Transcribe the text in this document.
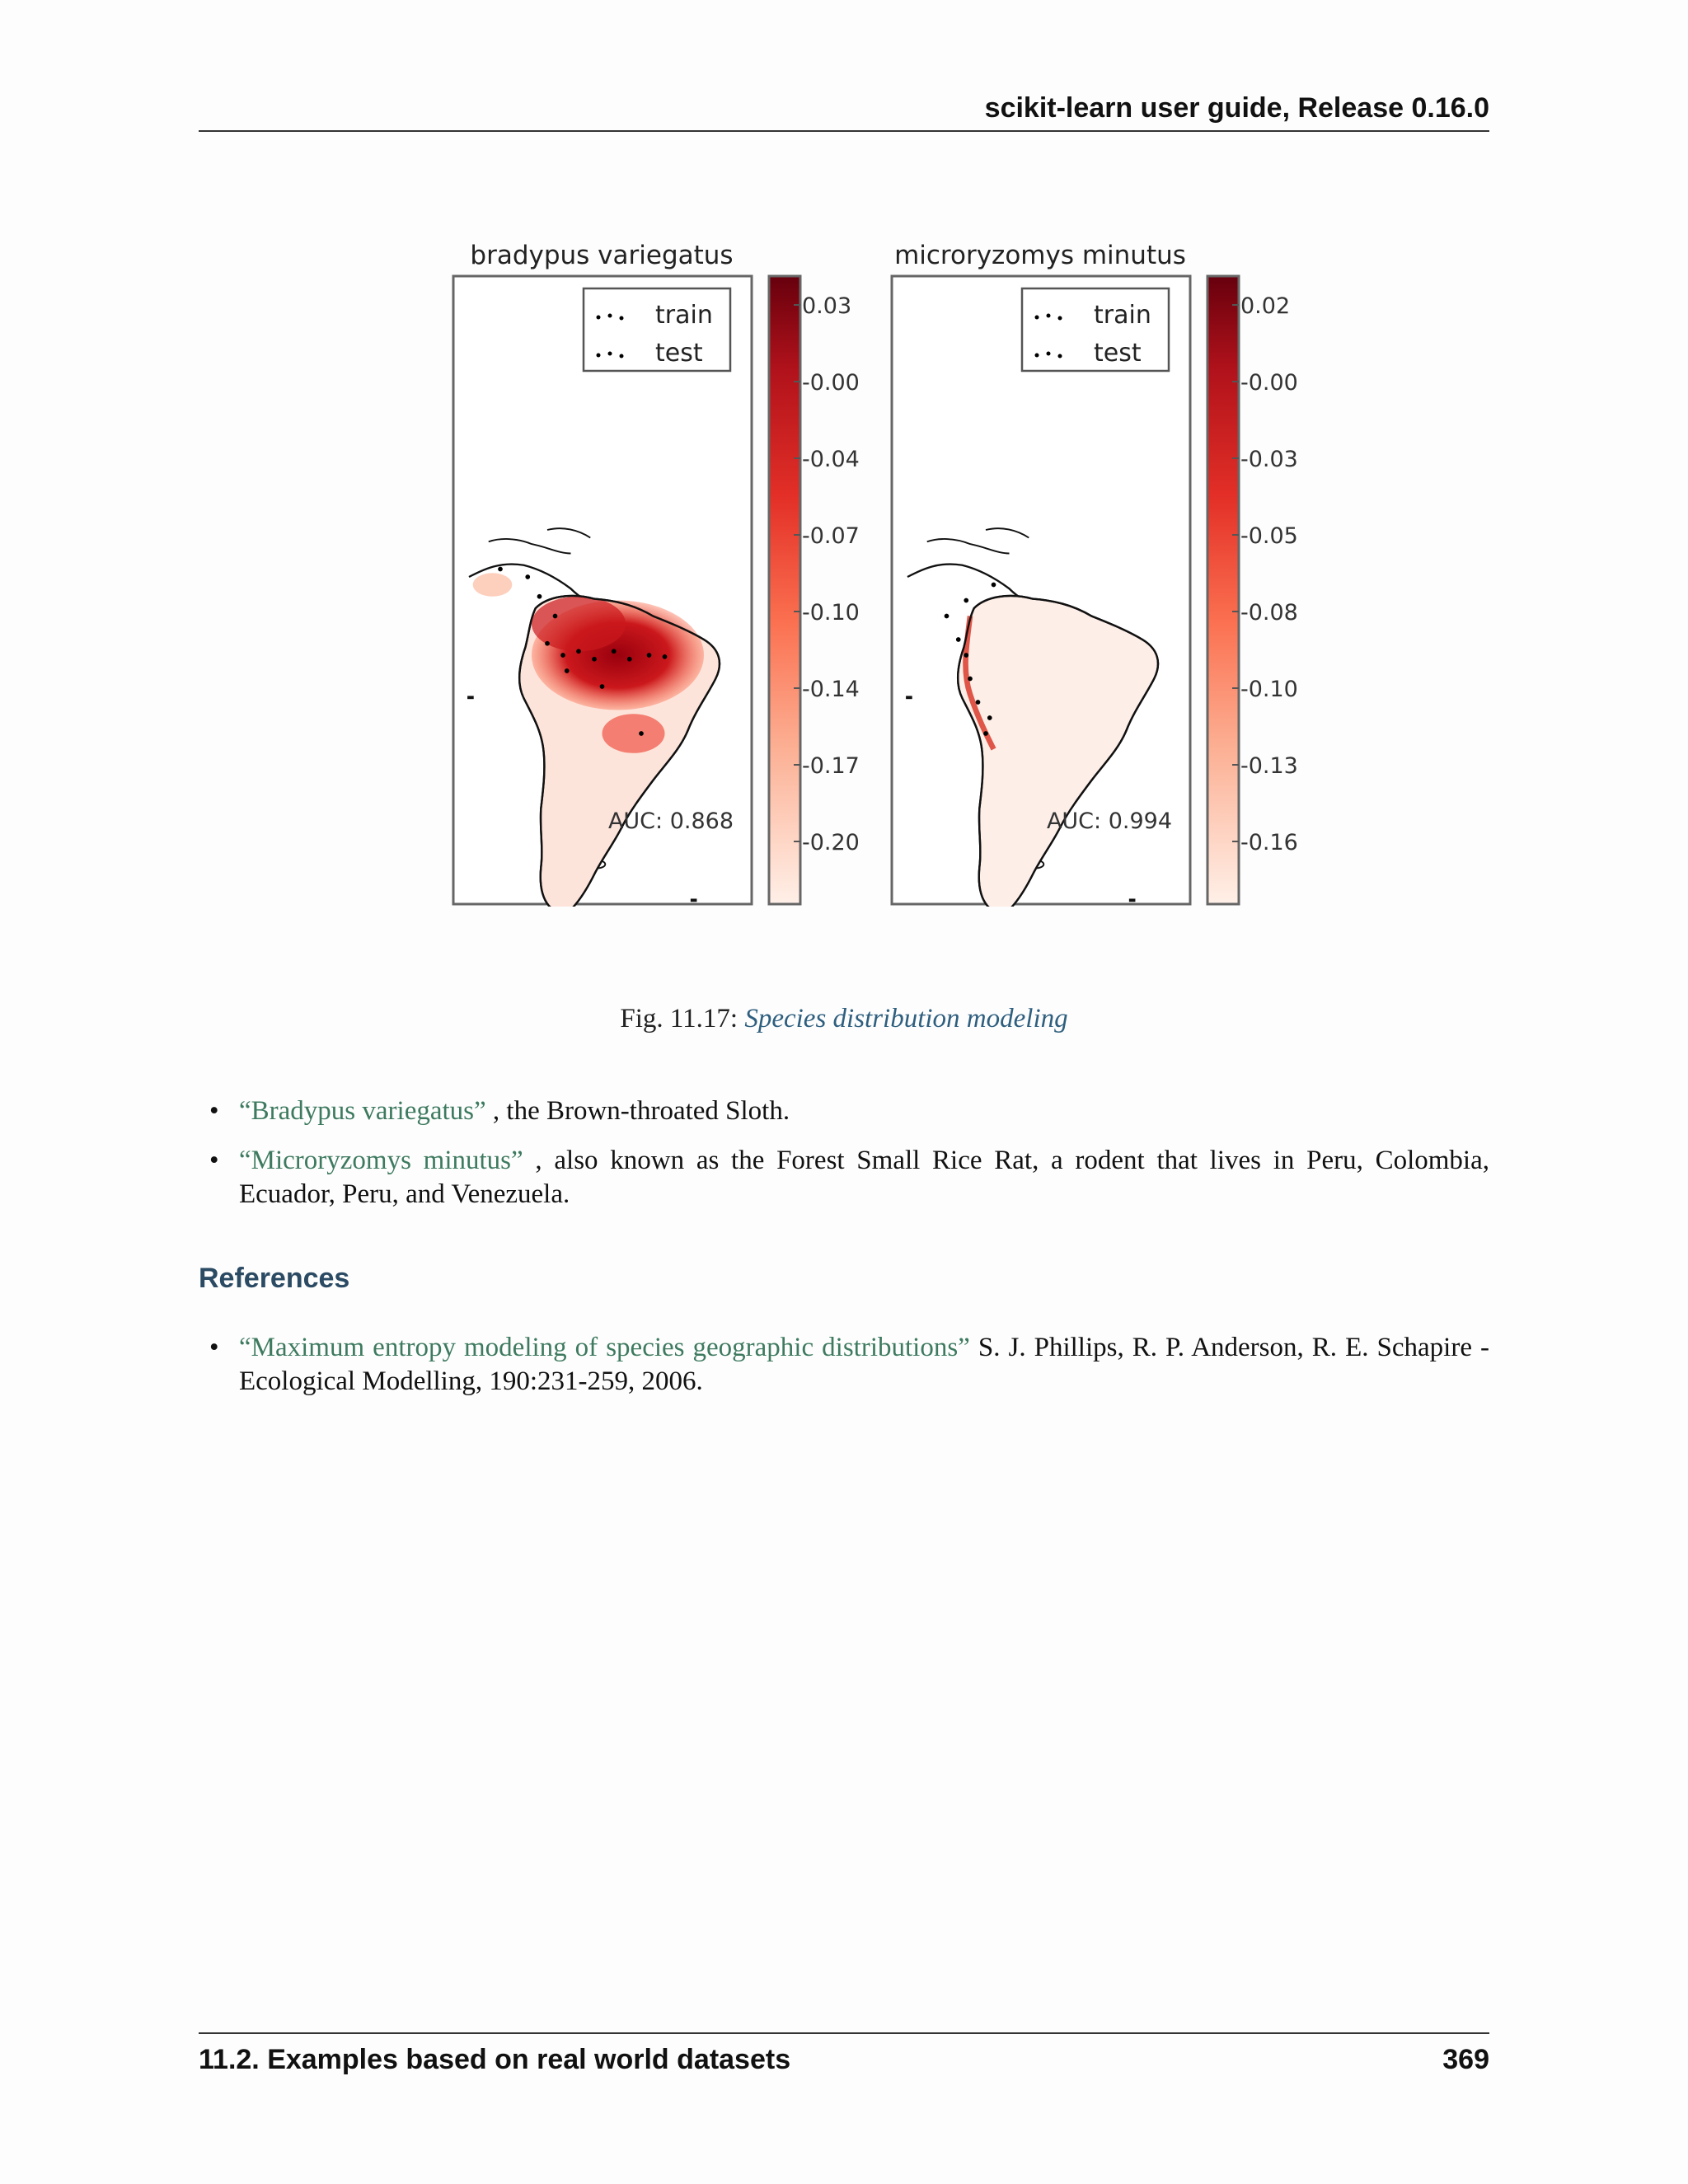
scikit-learn user guide, Release 0.16.0
bradypus variegatus
train
test
AUC: 0.868
0.03
-0.00
-0.04
-0.07
-0.10
-0.14
-0.17
-0.20
microryzomys minutus
train
test
AUC: 0.994
0.02
-0.00
-0.03
-0.05
-0.08
-0.10
-0.13
-0.16
Fig. 11.17: Species distribution modeling
• “Bradypus variegatus” , the Brown-throated Sloth.
• “Microryzomys minutus” , also known as the Forest Small Rice Rat, a rodent that lives in Peru, Colombia, Ecuador, Peru, and Venezuela.
References
• “Maximum entropy modeling of species geographic distributions” S. J. Phillips, R. P. Anderson, R. E. Schapire - Ecological Modelling, 190:231-259, 2006.
11.2. Examples based on real world datasets	369
